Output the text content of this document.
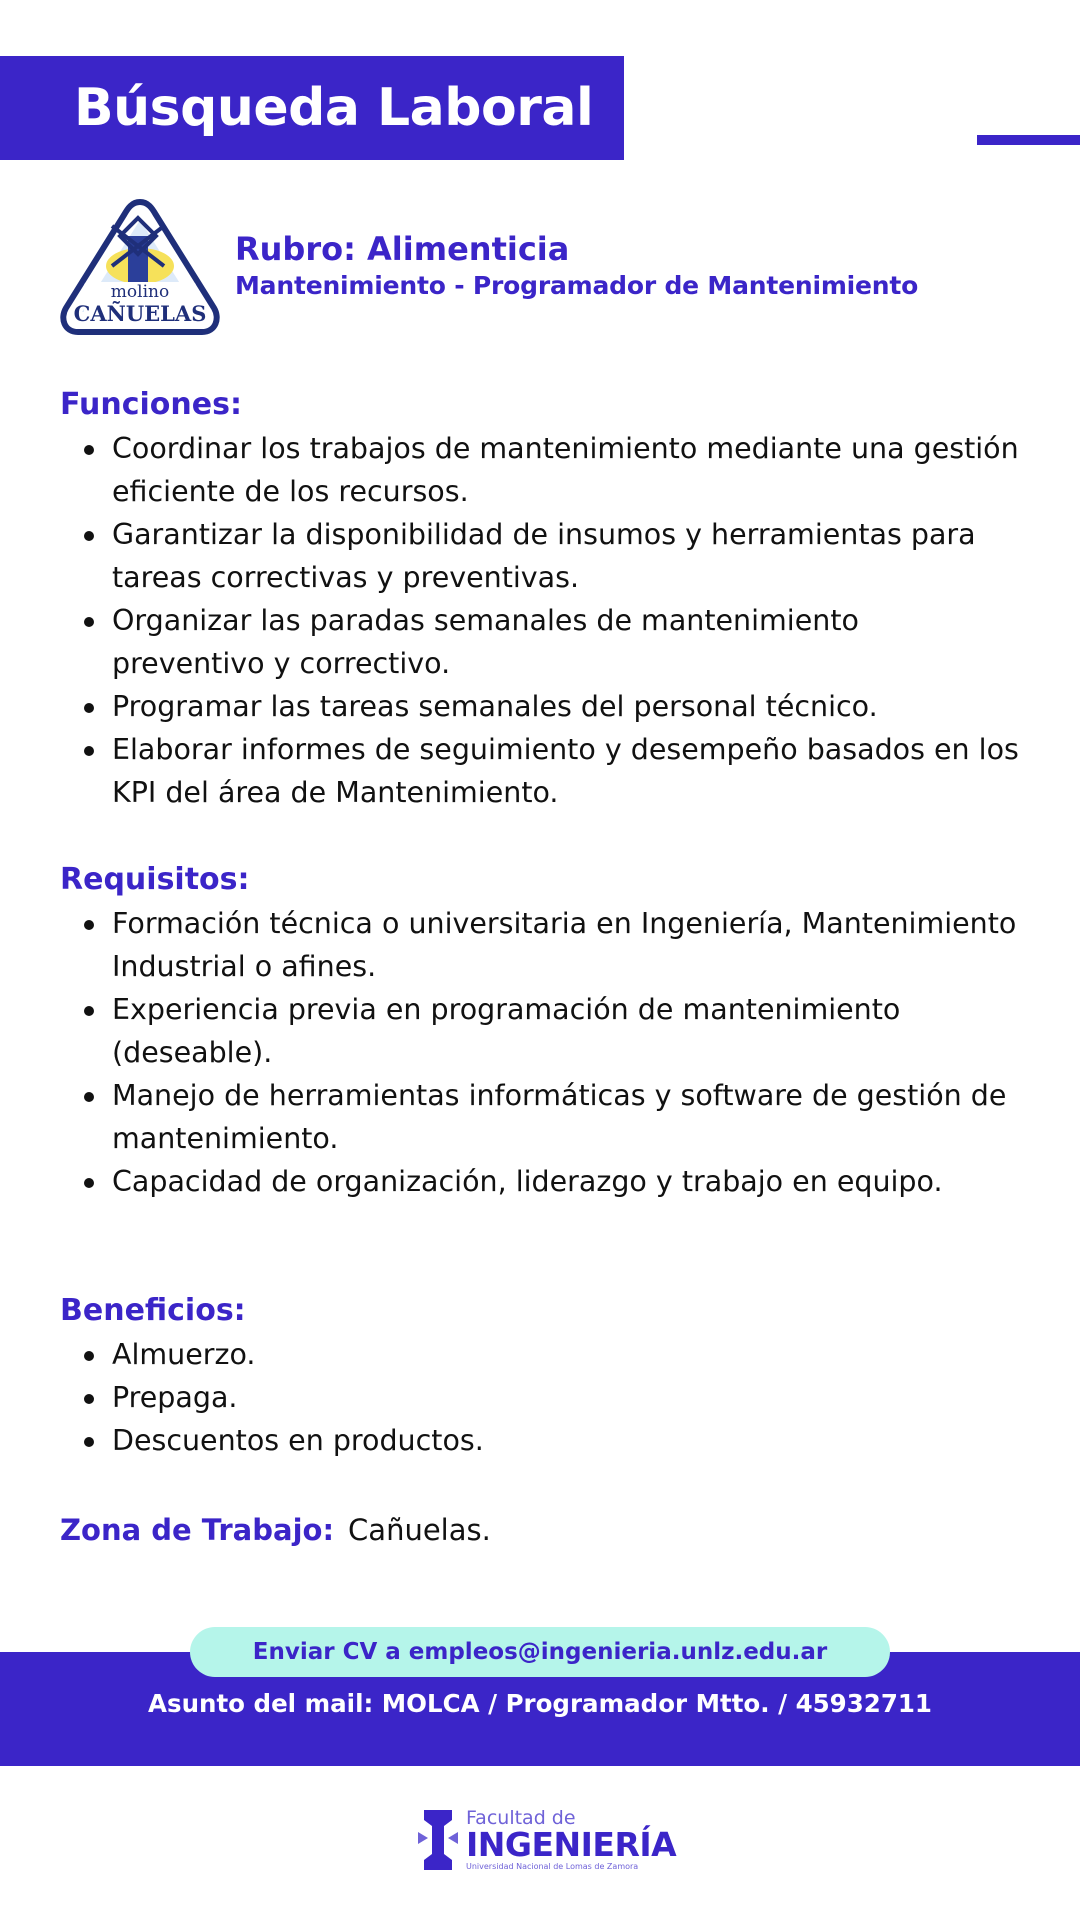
Búsqueda Laboral
molino
CAÑUELAS
Rubro: Alimenticia
Mantenimiento - Programador de Mantenimiento
Funciones:
Coordinar los trabajos de mantenimiento mediante una gestión eficiente de los recursos.
Garantizar la disponibilidad de insumos y herramientas para tareas correctivas y preventivas.
Organizar las paradas semanales de mantenimiento preventivo y correctivo.
Programar las tareas semanales del personal técnico.
Elaborar informes de seguimiento y desempeño basados en los KPI del área de Mantenimiento.
Requisitos:
Formación técnica o universitaria en Ingeniería, Mantenimiento Industrial o afines.
Experiencia previa en programación de mantenimiento (deseable).
Manejo de herramientas informáticas y software de gestión de mantenimiento.
Capacidad de organización, liderazgo y trabajo en equipo.
Beneficios:
Almuerzo.
Prepaga.
Descuentos en productos.
Zona de Trabajo: Cañuelas.
Enviar CV a empleos@ingenieria.unlz.edu.ar
Asunto del mail: MOLCA / Programador Mtto. / 45932711
Facultad de
INGENIERÍA
Universidad Nacional de Lomas de Zamora
